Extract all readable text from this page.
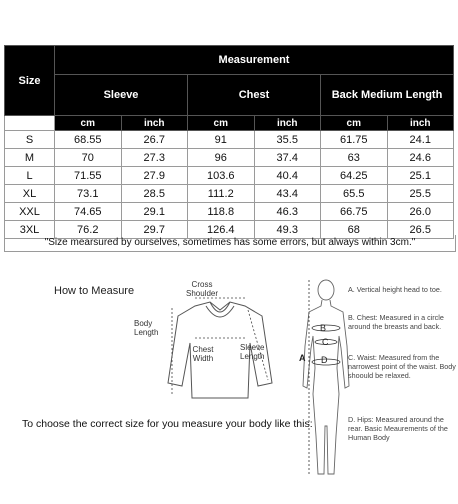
Size	Measurement					
	Sleeve		Chest		Back Medium Length	
	cm	inch	cm	inch	cm	inch
S	68.55	26.7	91	35.5	61.75	24.1
M	70	27.3	96	37.4	63	24.6
L	71.55	27.9	103.6	40.4	64.25	25.1
XL	73.1	28.5	111.2	43.4	65.5	25.5
XXL	74.65	29.1	118.8	46.3	66.75	26.0
3XL	76.2	29.7	126.4	49.3	68	26.5
"Size mearsured by ourselves, sometimes has some errors, but always within 3cm."
How to Measure
Cross Shoulder
Body Length
Chest Width
Sleeve Length
To choose the correct size for you measure your body like this:
A
B
C
D
A. Vertical height head to toe.
B. Chest: Measured in a circle around the breasts and back.
C. Waist: Measured from the narrowest point of the waist. Body shoould be relaxed.
D. Hips: Measured around the rear. Basic Meaurements of the Human Body
